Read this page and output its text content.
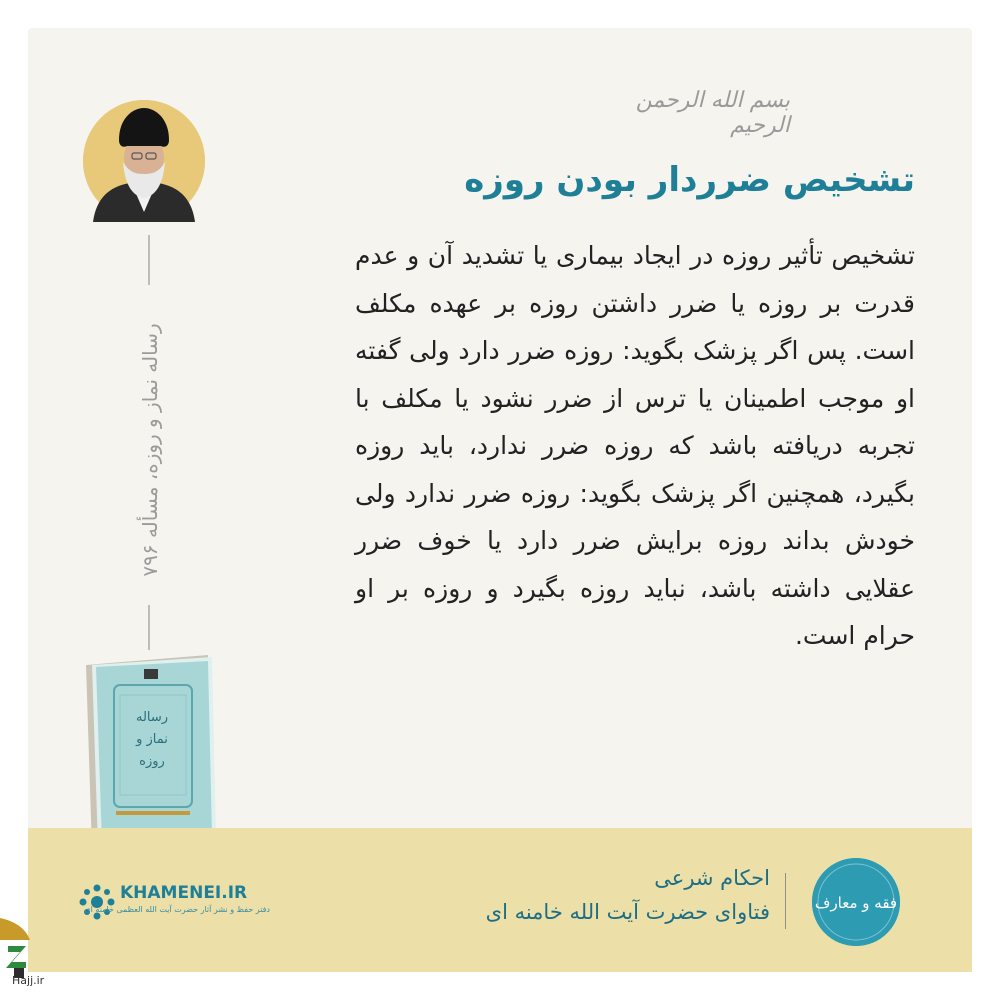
بسم الله الرحمن الرحیم
تشخیص ضرردار بودن روزه
تشخیص تأثیر روزه در ایجاد بیماری یا تشدید آن و عدم قدرت بر روزه یا ضرر داشتن روزه بر عهده مکلف است. پس اگر پزشک بگوید: روزه ضرر دارد ولی گفته او موجب اطمینان یا ترس از ضرر نشود یا مکلف با تجربه دریافته باشد که روزه ضرر ندارد، باید روزه بگیرد، همچنین اگر پزشک بگوید: روزه ضرر ندارد ولی خودش بداند روزه برایش ضرر دارد یا خوف ضرر عقلایی داشته باشد، نباید روزه بگیرد و روزه بر او حرام است.
رساله نماز و روزه، مسأله ۷۹۶
رساله
نماز و
روزه
فقه و معارف
احکام شرعی
فتاوای حضرت آیت الله خامنه ای
KHAMENEI.IR
دفتر حفظ و نشر آثار حضرت آیت الله العظمی خامنه ای
Hajj.ir
